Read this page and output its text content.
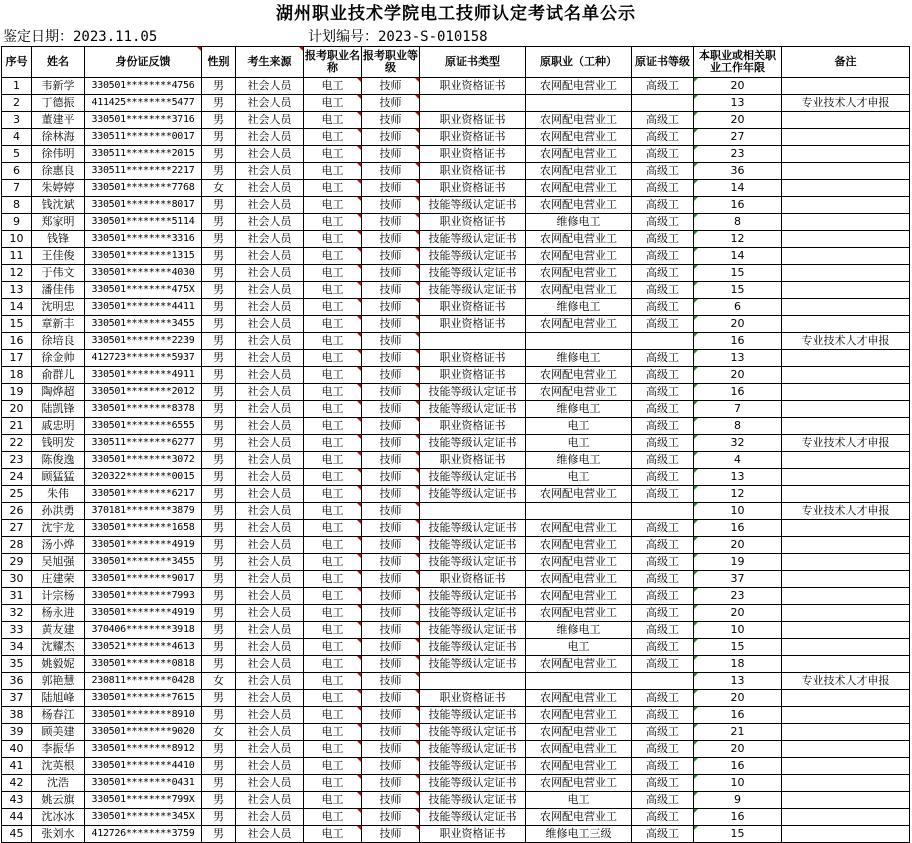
湖州职业技术学院电工技师认定考试名单公示
鉴定日期：2023.11.05	计划编号：2023-S-010158
序号	姓名	身份证反馈	性别	考生来源	报考职业名称	报考职业等级	原证书类型	原职业（工种）	原证书等级	本职业或相关职业工作年限	备注
1	韦新学	330501********4756	男	社会人员	电工	技师	职业资格证书	农网配电营业工	高级工	20	
2	丁德振	411425********5477	男	社会人员	电工	技师				13	专业技术人才申报
3	董建平	330501********3716	男	社会人员	电工	技师	职业资格证书	农网配电营业工	高级工	20	
4	徐林海	330511********0017	男	社会人员	电工	技师	职业资格证书	农网配电营业工	高级工	27	
5	徐伟明	330511********2015	男	社会人员	电工	技师	职业资格证书	农网配电营业工	高级工	23	
6	徐惠良	330511********2217	男	社会人员	电工	技师	职业资格证书	农网配电营业工	高级工	36	
7	朱婷婷	330501********7768	女	社会人员	电工	技师	职业资格证书	农网配电营业工	高级工	14	
8	钱沈斌	330501********8017	男	社会人员	电工	技师	技能等级认定证书	农网配电营业工	高级工	16	
9	郑家明	330501********5114	男	社会人员	电工	技师	职业资格证书	维修电工	高级工	8	
10	钱锋	330501********3316	男	社会人员	电工	技师	技能等级认定证书	农网配电营业工	高级工	12	
11	王佳俊	330501********1315	男	社会人员	电工	技师	技能等级认定证书	农网配电营业工	高级工	14	
12	于伟文	330501********4030	男	社会人员	电工	技师	技能等级认定证书	农网配电营业工	高级工	15	
13	潘佳伟	330501********475X	男	社会人员	电工	技师	技能等级认定证书	农网配电营业工	高级工	15	
14	沈明忠	330501********4411	男	社会人员	电工	技师	职业资格证书	维修电工	高级工	6	
15	章新丰	330501********3455	男	社会人员	电工	技师	职业资格证书	农网配电营业工	高级工	20	
16	徐培良	330501********2239	男	社会人员	电工	技师				16	专业技术人才申报
17	徐金帅	412723********5937	男	社会人员	电工	技师	职业资格证书	维修电工	高级工	13	
18	俞群儿	330501********4911	男	社会人员	电工	技师	职业资格证书	农网配电营业工	高级工	20	
19	陶烨超	330501********2012	男	社会人员	电工	技师	技能等级认定证书	农网配电营业工	高级工	16	
20	陆凯锋	330501********8378	男	社会人员	电工	技师	技能等级认定证书	维修电工	高级工	7	
21	戚忠明	330501********6555	男	社会人员	电工	技师	职业资格证书	电工	高级工	8	
22	钱明发	330511********6277	男	社会人员	电工	技师	技能等级认定证书	电工	高级工	32	专业技术人才申报
23	陈俊逸	330501********3072	男	社会人员	电工	技师	职业资格证书	维修电工	高级工	4	
24	顾猛猛	320322********0015	男	社会人员	电工	技师	技能等级认定证书	电工	高级工	13	
25	朱伟	330501********6217	男	社会人员	电工	技师	技能等级认定证书	农网配电营业工	高级工	12	
26	孙洪勇	370181********3879	男	社会人员	电工	技师				10	专业技术人才申报
27	沈宇龙	330501********1658	男	社会人员	电工	技师	技能等级认定证书	农网配电营业工	高级工	16	
28	汤小烨	330501********4919	男	社会人员	电工	技师	技能等级认定证书	农网配电营业工	高级工	20	
29	吴旭强	330501********3455	男	社会人员	电工	技师	技能等级认定证书	农网配电营业工	高级工	19	
30	庄建荣	330501********9017	男	社会人员	电工	技师	职业资格证书	农网配电营业工	高级工	37	
31	计宗杨	330501********7993	男	社会人员	电工	技师	技能等级认定证书	农网配电营业工	高级工	23	
32	杨永进	330501********4919	男	社会人员	电工	技师	技能等级认定证书	农网配电营业工	高级工	20	
33	黄友建	370406********3918	男	社会人员	电工	技师	技能等级认定证书	维修电工	高级工	10	
34	沈耀杰	330521********4613	男	社会人员	电工	技师	技能等级认定证书	电工	高级工	15	
35	姚毅妮	330501********0818	男	社会人员	电工	技师	技能等级认定证书	农网配电营业工	高级工	18	
36	郭艳慧	230811********0428	女	社会人员	电工	技师				13	专业技术人才申报
37	陆旭峰	330501********7615	男	社会人员	电工	技师	职业资格证书	农网配电营业工	高级工	20	
38	杨春江	330501********8910	男	社会人员	电工	技师	技能等级认定证书	农网配电营业工	高级工	16	
39	顾美建	330501********9020	女	社会人员	电工	技师	技能等级认定证书	农网配电营业工	高级工	21	
40	李振华	330501********8912	男	社会人员	电工	技师	技能等级认定证书	农网配电营业工	高级工	20	
41	沈英根	330501********4410	男	社会人员	电工	技师	技能等级认定证书	农网配电营业工	高级工	16	
42	沈浩	330501********0431	男	社会人员	电工	技师	技能等级认定证书	农网配电营业工	高级工	10	
43	姚云旗	330501********799X	男	社会人员	电工	技师	技能等级认定证书	电工	高级工	9	
44	沈冰冰	330501********345X	男	社会人员	电工	技师	技能等级认定证书	农网配电营业工	高级工	16	
45	张刘水	412726********3759	男	社会人员	电工	技师	职业资格证书	维修电工三级	高级工	15	
